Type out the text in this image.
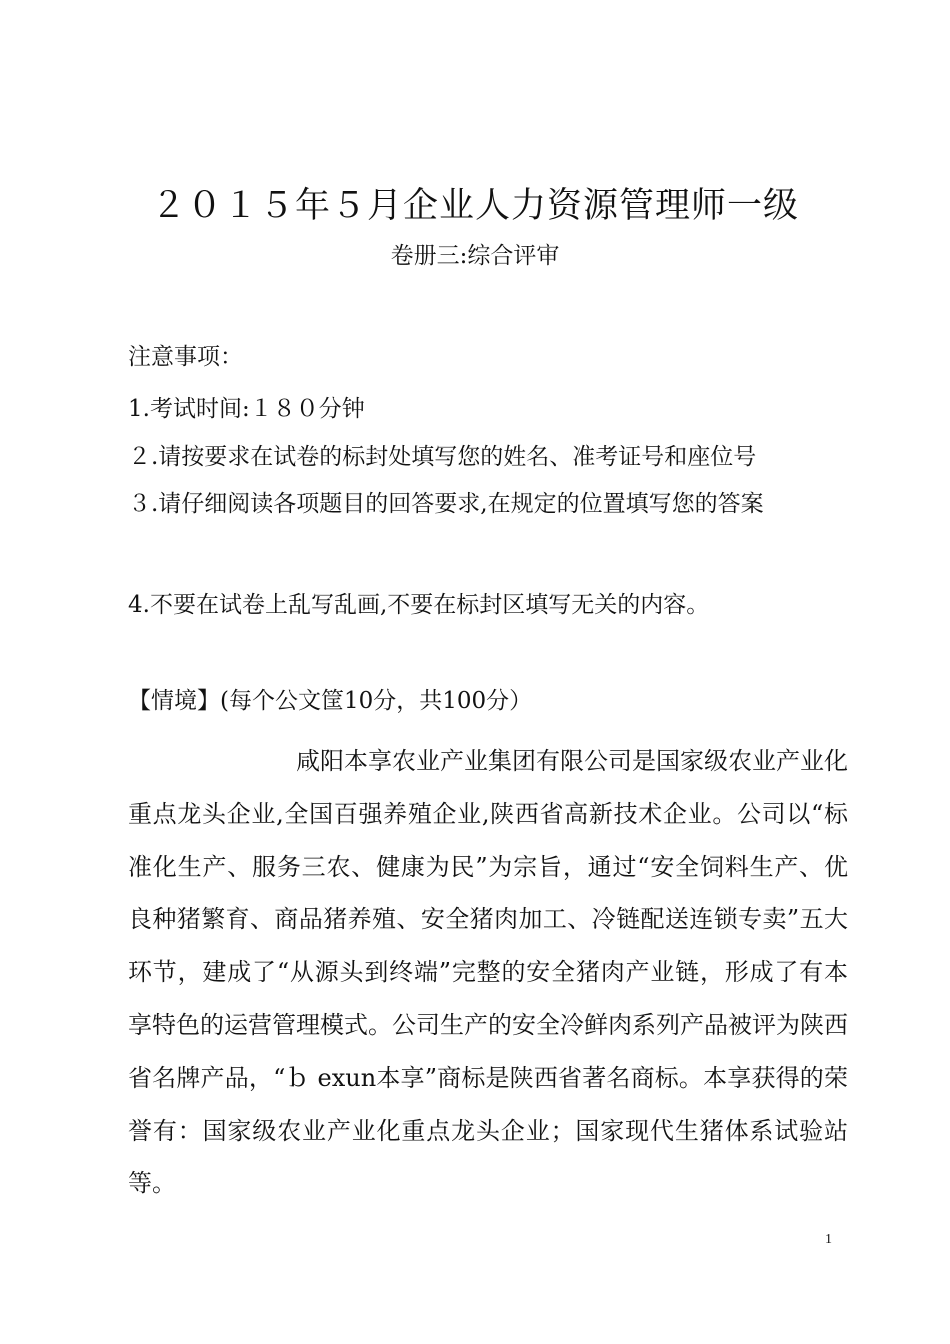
２０１５年５月企业人力资源管理师一级
卷册三:综合评审
注意事项：
1.考试时间:１８０分钟
２.请按要求在试卷的标封处填写您的姓名、准考证号和座位号
３.请仔细阅读各项题目的回答要求,在规定的位置填写您的答案
4.不要在试卷上乱写乱画,不要在标封区填写无关的内容。
【情境】(每个公文筐10分，共100分）

咸阳本享农业产业集团有限公司是国家级农业产业化重点龙头企业,全国百强养殖企业,陕西省高新技术企业。公司以“标准化生产、服务三农、健康为民”为宗旨，通过“安全饲料生产、优良种猪繁育、商品猪养殖、安全猪肉加工、冷链配送连锁专卖”五大环节，建成了“从源头到终端”完整的安全猪肉产业链，形成了有本享特色的运营管理模式。公司生产的安全冷鲜肉系列产品被评为陕西省名牌产品，“ｂ exun本享”商标是陕西省著名商标。本享获得的荣誉有：国家级农业产业化重点龙头企业；国家现代生猪体系试验站等。

1
